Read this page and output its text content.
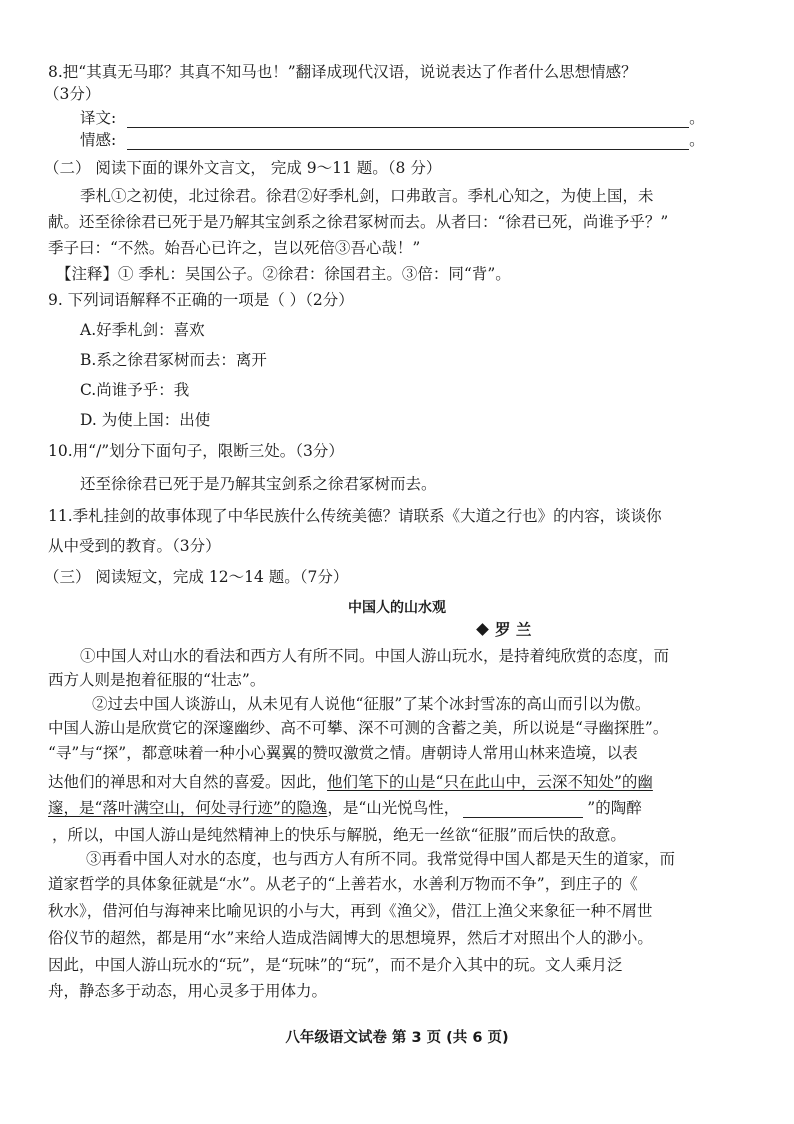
8.把“其真无马耶？其真不知马也！”翻译成现代汉语，说说表达了作者什么思想情感？
（3分）
译文:	。
情感:	。
（二） 阅读下面的课外文言文， 完成 9～11 题。（8 分）
季札①之初使，北过徐君。徐君②好季札剑，口弗敢言。季札心知之，为使上国，未
献。还至徐徐君已死于是乃解其宝剑系之徐君冢树而去。从者曰：“徐君已死，尚谁予乎？”
季子曰：“不然。始吾心已许之，岂以死倍③吾心哉！”
【注释】① 季札：吴国公子。②徐君：徐国君主。③倍：同“背”。
9. 下列词语解释不正确的一项是（ ）（2分）
A.好季札剑：喜欢
B.系之徐君冢树而去：离开
C.尚谁予乎：我
D. 为使上国：出使
10.用“/”划分下面句子，限断三处。（3分）
还至徐徐君已死于是乃解其宝剑系之徐君冢树而去。
11.季札挂剑的故事体现了中华民族什么传统美德？请联系《大道之行也》的内容，谈谈你
从中受到的教育。（3分）
（三） 阅读短文，完成 12～14 题。（7分）
中国人的山水观
罗 兰
①中国人对山水的看法和西方人有所不同。中国人游山玩水，是持着纯欣赏的态度，而
西方人则是抱着征服的“壮志”。
②过去中国人谈游山，从未见有人说他“征服”了某个冰封雪冻的高山而引以为傲。
中国人游山是欣赏它的深邃幽纱、高不可攀、深不可测的含蓄之美，所以说是“寻幽探胜”。
“寻”与“探”，都意味着一种小心翼翼的赞叹激赏之情。唐朝诗人常用山林来造境，以表
达他们的禅思和对大自然的喜爱。因此，他们笔下的山是“只在此山中，云深不知处”的幽
邃，是“落叶满空山，何处寻行迹”的隐逸，是“山光悦鸟性，	”的陶醉
，所以，中国人游山是纯然精神上的快乐与解脱，绝无一丝欲“征服”而后快的敌意。
③再看中国人对水的态度，也与西方人有所不同。我常觉得中国人都是天生的道家，而
道家哲学的具体象征就是“水”。从老子的“上善若水，水善利万物而不争”，到庄子的《
秋水》，借河伯与海神来比喻见识的小与大，再到《渔父》，借江上渔父来象征一种不屑世
俗仪节的超然，都是用“水”来给人造成浩阔博大的思想境界，然后才对照出个人的渺小。
因此，中国人游山玩水的“玩”，是“玩味”的“玩”，而不是介入其中的玩。文人乘月泛
舟，静态多于动态，用心灵多于用体力。
八年级语文试卷 第 3 页 (共 6 页)
